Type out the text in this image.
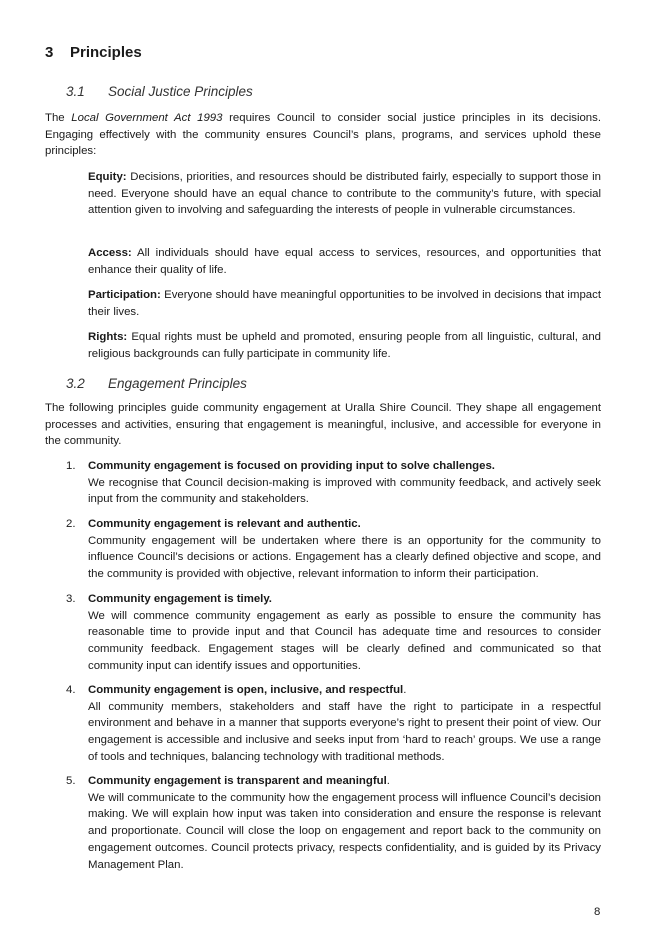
3 Principles
3.1 Social Justice Principles

The Local Government Act 1993 requires Council to consider social justice principles in its decisions. Engaging effectively with the community ensures Council’s plans, programs, and services uphold these principles:

Equity: Decisions, priorities, and resources should be distributed fairly, especially to support those in need. Everyone should have an equal chance to contribute to the community’s future, with special attention given to involving and safeguarding the interests of people in vulnerable circumstances.

Access: All individuals should have equal access to services, resources, and opportunities that enhance their quality of life.

Participation: Everyone should have meaningful opportunities to be involved in decisions that impact their lives.

Rights: Equal rights must be upheld and promoted, ensuring people from all linguistic, cultural, and religious backgrounds can fully participate in community life.

3.2 Engagement Principles

The following principles guide community engagement at Uralla Shire Council. They shape all engagement processes and activities, ensuring that engagement is meaningful, inclusive, and accessible for everyone in the community.

1. Community engagement is focused on providing input to solve challenges.
We recognise that Council decision-making is improved with community feedback, and actively seek input from the community and stakeholders.
2. Community engagement is relevant and authentic.
Community engagement will be undertaken where there is an opportunity for the community to influence Council’s decisions or actions. Engagement has a clearly defined objective and scope, and the community is provided with objective, relevant information to inform their participation.
3. Community engagement is timely.
We will commence community engagement as early as possible to ensure the community has reasonable time to provide input and that Council has adequate time and resources to consider community feedback. Engagement stages will be clearly defined and communicated so that community input can identify issues and opportunities.
4. Community engagement is open, inclusive, and respectful.
All community members, stakeholders and staff have the right to participate in a respectful environment and behave in a manner that supports everyone’s right to present their point of view. Our engagement is accessible and inclusive and seeks input from ‘hard to reach’ groups. We use a range of tools and techniques, balancing technology with traditional methods.
5. Community engagement is transparent and meaningful.
We will communicate to the community how the engagement process will influence Council’s decision making. We will explain how input was taken into consideration and ensure the response is relevant and proportionate. Council will close the loop on engagement and report back to the community on engagement outcomes. Council protects privacy, respects confidentiality, and is guided by its Privacy Management Plan.
8
